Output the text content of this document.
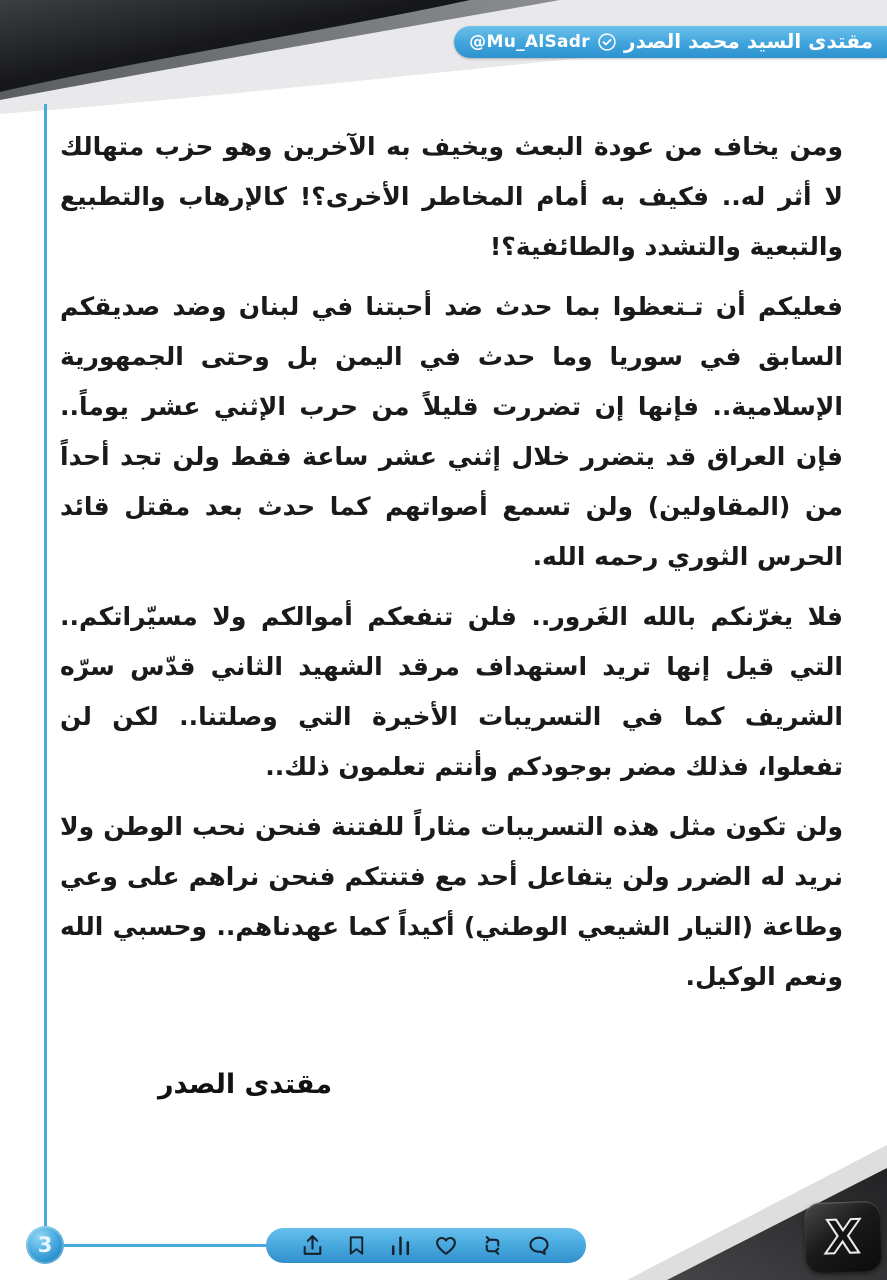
@Mu_AlSadr مقتدى السيد محمد الصدر

ومن يخاف من عودة البعث ويخيف به الآخرين وهو حزب متهالك لا أثر له.. فكيف به أمام المخاطر الأخرى؟! كالإرهاب والتطبيع والتبعية والتشدد والطائفية؟!

فعليكم أن تـتعظوا بما حدث ضد أحبتنا في لبنان وضد صديقكم السابق في سوريا وما حدث في اليمن بل وحتى الجمهورية الإسلامية.. فإنها إن تضررت قليلاً من حرب الإثني عشر يوماً.. فإن العراق قد يتضرر خلال إثني عشر ساعة فقط ولن تجد أحداً من (المقاولين) ولن تسمع أصواتهم كما حدث بعد مقتل قائد الحرس الثوري رحمه الله.

فلا يغرّنكم بالله الغَرور.. فلن تنفعكم أموالكم ولا مسيّراتكم.. التي قيل إنها تريد استهداف مرقد الشهيد الثاني قدّس سرّه الشريف كما في التسريبات الأخيرة التي وصلتنا.. لكن لن تفعلوا، فذلك مضر بوجودكم وأنتم تعلمون ذلك..

ولن تكون مثل هذه التسريبات مثاراً للفتنة فنحن نحب الوطن ولا نريد له الضرر ولن يتفاعل أحد مع فتنتكم فنحن نراهم على وعي وطاعة (التيار الشيعي الوطني) أكيداً كما عهدناهم.. وحسبي الله ونعم الوكيل.

مقتدى الصدر
3	X
